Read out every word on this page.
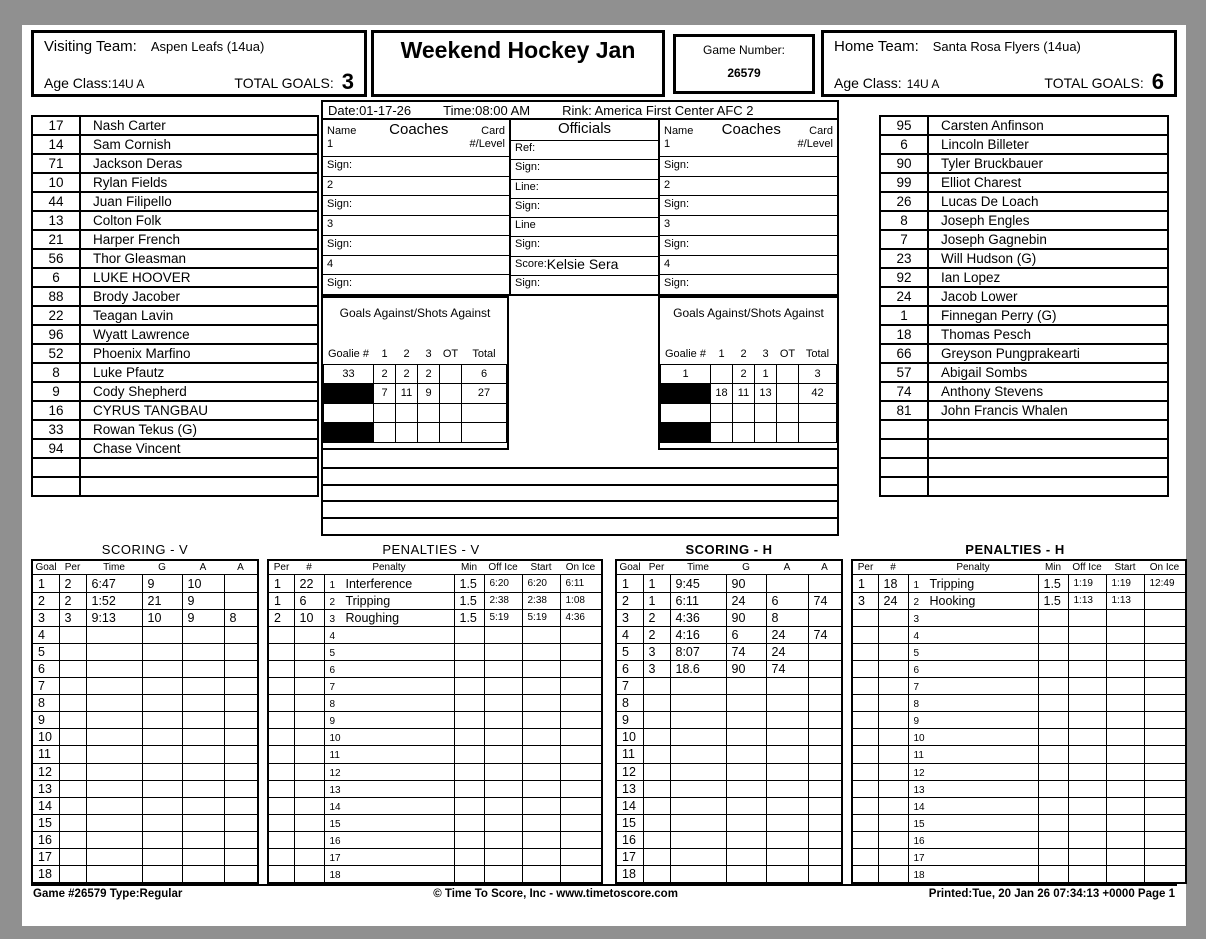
Visiting Team: Aspen Leafs (14ua)
Age Class:14U A	TOTAL GOALS: 3
Weekend Hockey Jan	Game Number:
26579
Home Team: Santa Rosa Flyers (14ua)
Age Class: 14U A	TOTAL GOALS: 6
17	Nash Carter
14	Sam Cornish
71	Jackson Deras
10	Rylan Fields
44	Juan Filipello
13	Colton Folk
21	Harper French
56	Thor Gleasman
6	LUKE HOOVER
88	Brody Jacober
22	Teagan Lavin
96	Wyatt Lawrence
52	Phoenix Marfino
8	Luke Pfautz
9	Cody Shepherd
16	CYRUS TANGBAU
33	Rowan Tekus (G)
94	Chase Vincent

Date:01-17-26 Time:08:00 AM Rink: America First Center AFC 2
Name Coaches	Card
1	#/Level
Sign:
2
Sign:
3
Sign:
4
Sign:
Officials
Ref:
Sign:
Line:
Sign:
Line
Sign:
Score: Kelsie Sera
Sign:
Name Coaches	Card
1	#/Level
Sign:
2
Sign:
3
Sign:
4
Sign:
Goals Against/Shots Against
Goalie #	1	2	3	OT	Total
33	2	2	2		6
	7	11	9		27

Goals Against/Shots Against
Goalie #	1	2	3	OT	Total
1		2	1		3
	18	11	13		42

95	Carsten Anfinson
6	Lincoln Billeter
90	Tyler Bruckbauer
99	Elliot Charest
26	Lucas De Loach
8	Joseph Engles
7	Joseph Gagnebin
23	Will Hudson (G)
92	Ian Lopez
24	Jacob Lower
1	Finnegan Perry (G)
18	Thomas Pesch
66	Greyson Pungprakearti
57	Abigail Sombs
74	Anthony Stevens
81	John Francis Whalen

SCORING - V
Goal	Per	Time	G	A	A
1	2	6:47	9	10	
2	2	1:52	21	9	
3	3	9:13	10	9	8
4					
5					
6					
7					
8					
9					
10					
11					
12					
13					
14					
15					
16					
17					
18					
PENALTIES - V
Per	#	Penalty	Min	Off Ice	Start	On Ice
1	22	1 Interference	1.5	6:20	6:20	6:11
1	6	2 Tripping	1.5	2:38	2:38	1:08
2	10	3 Roughing	1.5	5:19	5:19	4:36
		4				
		5				
		6				
		7				
		8				
		9				
		10				
		11				
		12				
		13				
		14				
		15				
		16				
		17				
		18				
SCORING - H
Goal	Per	Time	G	A	A
1	1	9:45	90		
2	1	6:11	24	6	74
3	2	4:36	90	8	
4	2	4:16	6	24	74
5	3	8:07	74	24	
6	3	18.6	90	74	
7					
8					
9					
10					
11					
12					
13					
14					
15					
16					
17					
18					
PENALTIES - H
Per	#	Penalty	Min	Off Ice	Start	On Ice
1	18	1 Tripping	1.5	1:19	1:19	12:49
3	24	2 Hooking	1.5	1:13	1:13	
		3				
		4				
		5				
		6				
		7				
		8				
		9				
		10				
		11				
		12				
		13				
		14				
		15				
		16				
		17				
		18				
Game #26579 Type:Regular	© Time To Score, Inc - www.timetoscore.com	Printed:Tue, 20 Jan 26 07:34:13 +0000 Page 1
